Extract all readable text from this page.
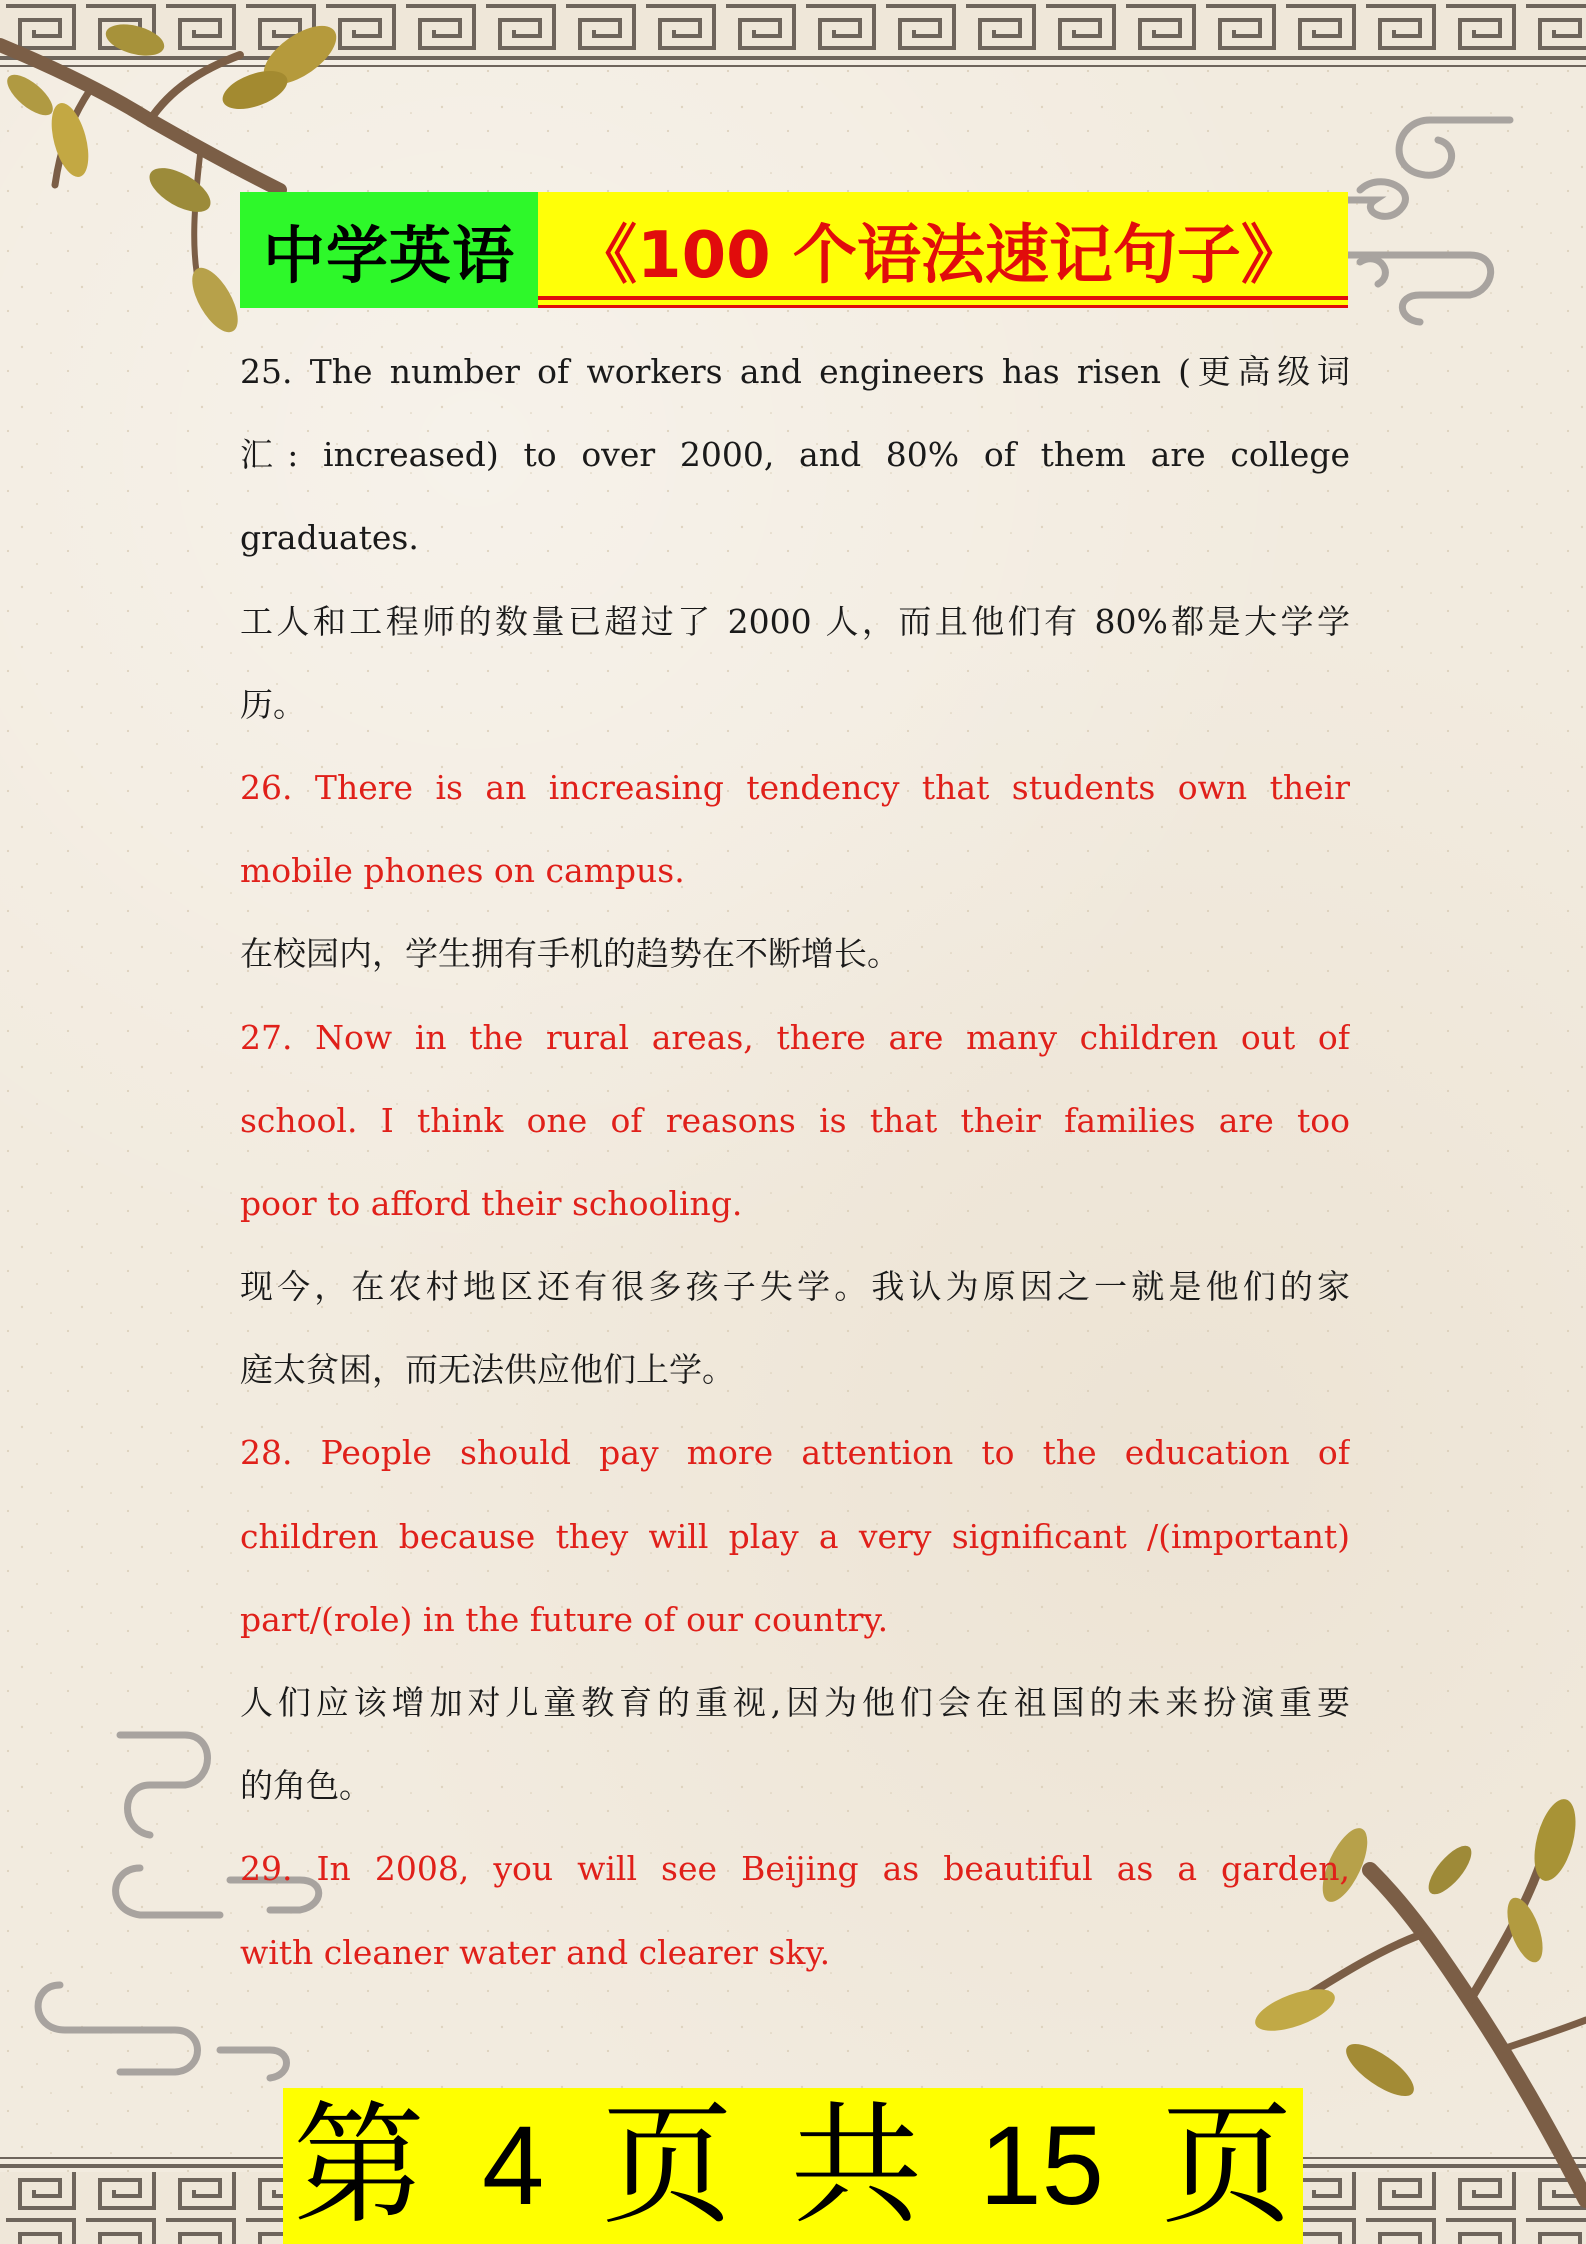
中学英语 《100 个语法速记句子》
25. The number of workers and engineers has risen (更高级词
汇: increased) to over 2000, and 80% of them are college
graduates.
工人和工程师的数量已超过了 2000 人，而且他们有 80%都是大学学
历。
26. There is an increasing tendency that students own their
mobile phones on campus.
在校园内，学生拥有手机的趋势在不断增长。
27. Now in the rural areas, there are many children out of
school. I think one of reasons is that their families are too
poor to afford their schooling.
现今，在农村地区还有很多孩子失学。我认为原因之一就是他们的家
庭太贫困，而无法供应他们上学。
28. People should pay more attention to the education of
children because they will play a very significant /(important)
part/(role) in the future of our country.
人们应该增加对儿童教育的重视,因为他们会在祖国的未来扮演重要
的角色。
29. In 2008, you will see Beijing as beautiful as a garden,
with cleaner water and clearer sky.
第 4 页 共 15 页
